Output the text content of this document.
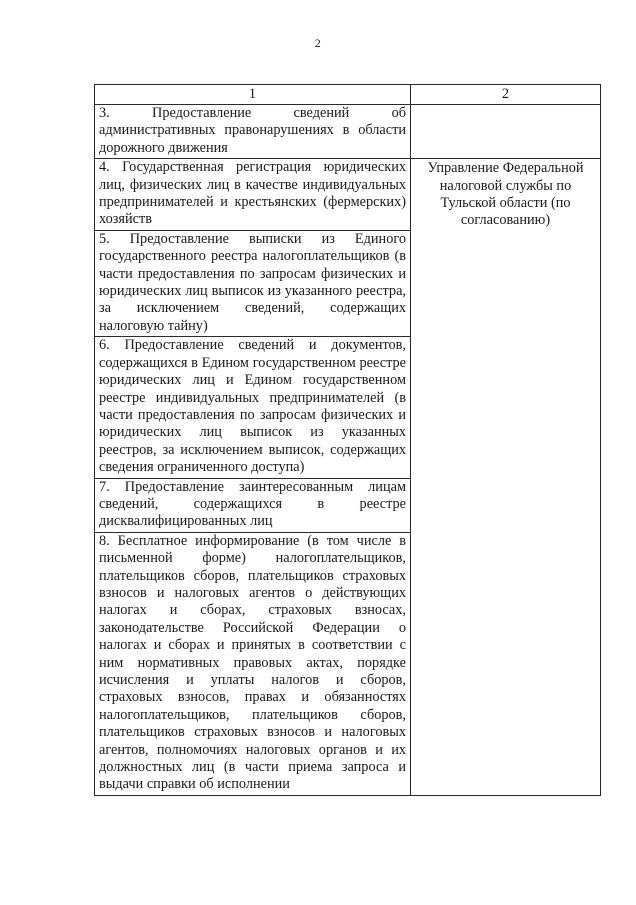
2
1	2

3. Предоставление сведений об административных правонарушениях в области дорожного движения	

4. Государственная регистрация юридических лиц, физических лиц в качестве индивидуальных предпринимателей и крестьянских (фермерских) хозяйств	Управление Федеральной налоговой службы по Тульской области (по согласованию)

5. Предоставление выписки из Единого государственного реестра налогоплательщиков (в части предоставления по запросам физических и юридических лиц выписок из указанного реестра, за исключением сведений, содержащих налоговую тайну)	

6. Предоставление сведений и документов, содержащихся в Едином государственном реестре юридических лиц и Едином государственном реестре индивидуальных предпринимателей (в части предоставления по запросам физических и юридических лиц выписок из указанных реестров, за исключением выписок, содержащих сведения ограниченного доступа)	

7. Предоставление заинтересованным лицам сведений, содержащихся в реестре дисквалифицированных лиц	

8. Бесплатное информирование (в том числе в письменной форме) налогоплательщиков, плательщиков сборов, плательщиков страховых взносов и налоговых агентов о действующих налогах и сборах, страховых взносах, законодательстве Российской Федерации о налогах и сборах и принятых в соответствии с ним нормативных правовых актах, порядке исчисления и уплаты налогов и сборов, страховых взносов, правах и обязанностях налогоплательщиков, плательщиков сборов, плательщиков страховых взносов и налоговых агентов, полномочиях налоговых органов и их должностных лиц (в части приема запроса и выдачи справки об исполнении	
